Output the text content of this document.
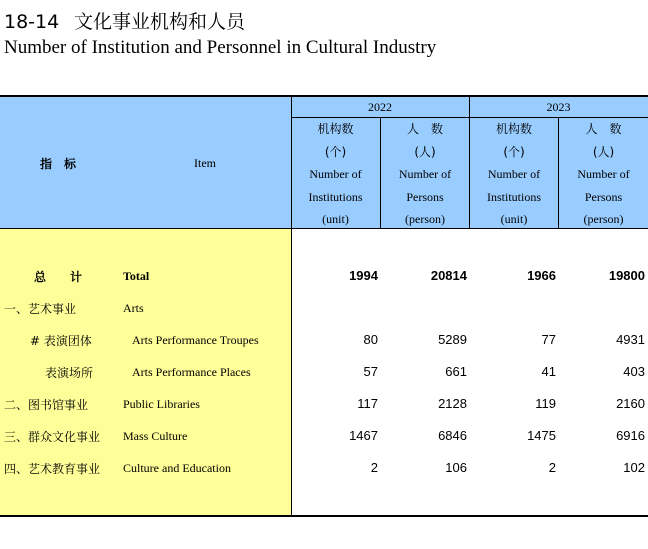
18-14 文化事业机构和人员
Number of Institution and Personnel in Cultural Industry
指　标	Item
2022	2023
机构数
(个)
Number of
Institutions
(unit)
人　数
(人)
Number of
Persons
(person)
机构数
(个)
Number of
Institutions
(unit)
人　数
(人)
Number of
Persons
(person)
总　　计	Total	1994	20814	1966	19800
一、艺术事业	Arts
# 表演团体	Arts Performance Troupes	80	5289	77	4931
表演场所	Arts Performance Places	57	661	41	403
二、图书馆事业	Public Libraries	117	2128	119	2160
三、群众文化事业 Mass Culture	1467	6846	1475	6916
四、艺术教育事业 Culture and Education	2	106	2	102
